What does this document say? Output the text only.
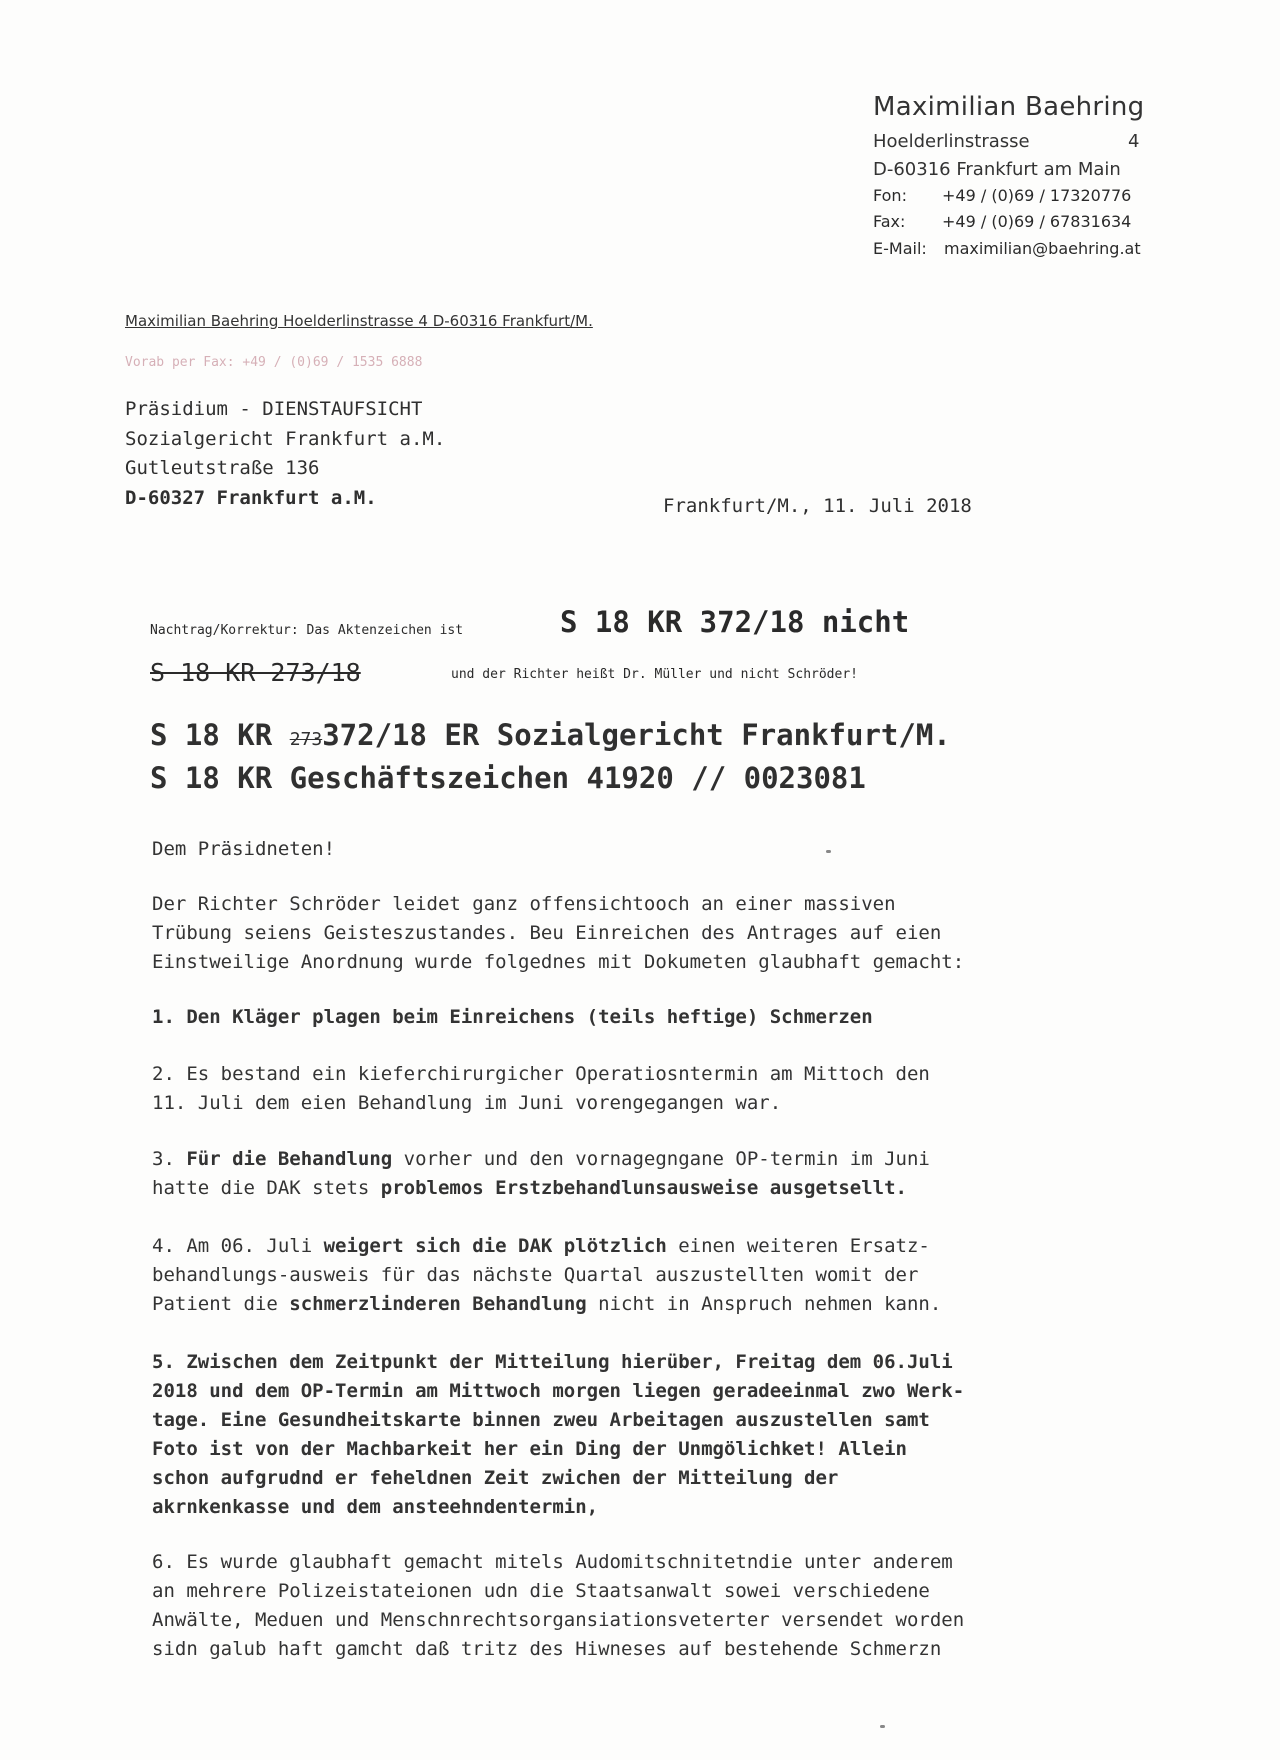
Maximilian Baehring
Hoelderlinstrasse	4
D-60316 Frankfurt am Main
Fon: +49 / (0)69 / 17320776
Fax: +49 / (0)69 / 67831634
E-Mail: maximilian@baehring.at
Maximilian Baehring Hoelderlinstrasse 4 D-60316 Frankfurt/M.
Vorab per Fax: +49 / (0)69 / 1535 6888
Präsidium - DIENSTAUFSICHT
Sozialgericht Frankfurt a.M.
Gutleutstraße 136
D-60327 Frankfurt a.M.	Frankfurt/M., 11. Juli 2018
Nachtrag/Korrektur: Das Aktenzeichen ist	S 18 KR 372/18 nicht
S 18 KR 273/18	und der Richter heißt Dr. Müller und nicht Schröder!
S 18 KR 273372/18 ER Sozialgericht Frankfurt/M.
S 18 KR Geschäftszeichen 41920 // 0023081
Dem Präsidneten!
Der Richter Schröder leidet ganz offensichtooch an einer massiven
Trübung seiens Geisteszustandes. Beu Einreichen des Antrages auf eien
Einstweilige Anordnung wurde folgednes mit Dokumeten glaubhaft gemacht:
1. Den Kläger plagen beim Einreichens (teils heftige) Schmerzen
2. Es bestand ein kieferchirurgicher Operatiosntermin am Mittoch den
11. Juli dem eien Behandlung im Juni vorengegangen war.
3. Für die Behandlung vorher und den vornagegngane OP-termin im Juni
hatte die DAK stets problemos Erstzbehandlunsausweise ausgetsellt.
4. Am 06. Juli weigert sich die DAK plötzlich einen weiteren Ersatz-
behandlungs-ausweis für das nächste Quartal auszustellten womit der
Patient die schmerzlinderen Behandlung nicht in Anspruch nehmen kann.
5. Zwischen dem Zeitpunkt der Mitteilung hierüber, Freitag dem 06.Juli
2018 und dem OP-Termin am Mittwoch morgen liegen geradeeinmal zwo Werk-
tage. Eine Gesundheitskarte binnen zweu Arbeitagen auszustellen samt
Foto ist von der Machbarkeit her ein Ding der Unmgölichket! Allein
schon aufgrudnd er feheldnen Zeit zwichen der Mitteilung der
akrnkenkasse und dem ansteehndentermin,
6. Es wurde glaubhaft gemacht mitels Audomitschnitetndie unter anderem
an mehrere Polizeistateionen udn die Staatsanwalt sowei verschiedene
Anwälte, Meduen und Menschnrechtsorgansiationsveterter versendet worden
sidn galub haft gamcht daß tritz des Hiwneses auf bestehende Schmerzn
